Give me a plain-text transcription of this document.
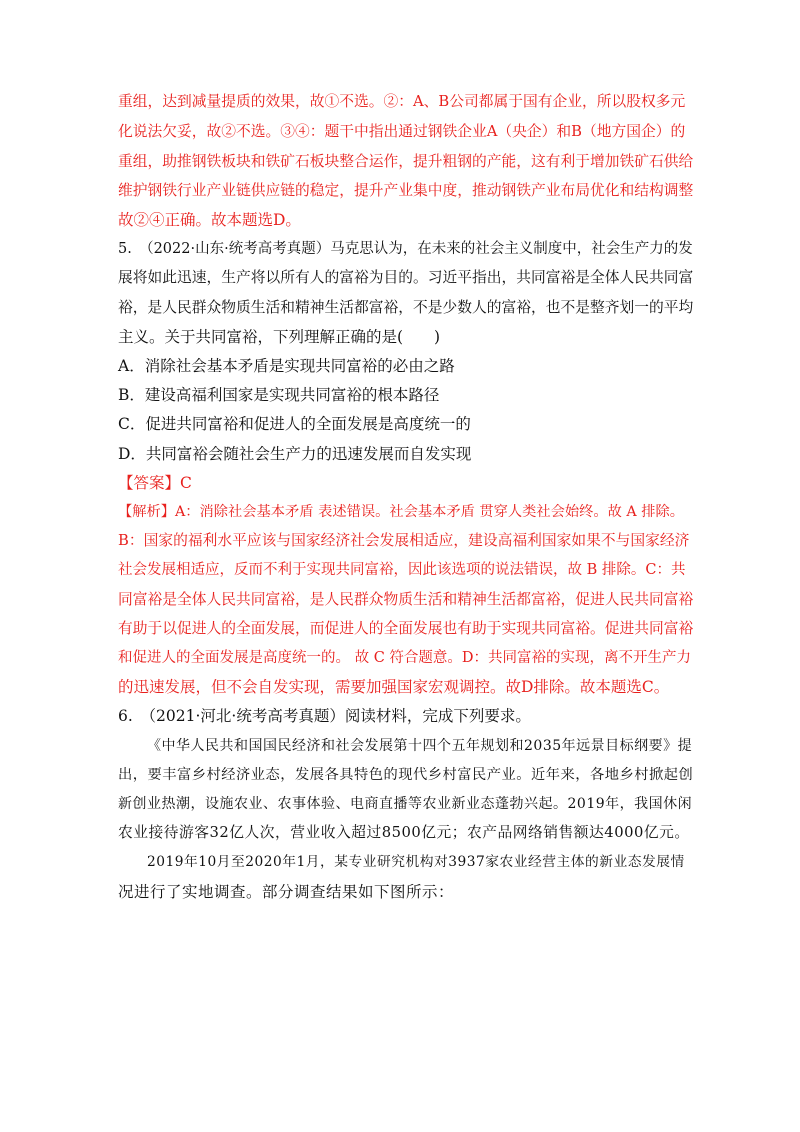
重组，达到减量提质的效果，故①不选。②：A、B公司都属于国有企业，所以股权多元
化说法欠妥，故②不选。③④：题干中指出通过钢铁企业A（央企）和B（地方国企）的
重组，助推钢铁板块和铁矿石板块整合运作，提升粗钢的产能，这有利于增加铁矿石供给
维护钢铁行业产业链供应链的稳定，提升产业集中度，推动钢铁产业布局优化和结构调整
故②④正确。故本题选D。
5.　（2022·山东·统考高考真题）马克思认为，在未来的社会主义制度中，社会生产力的发
展将如此迅速，生产将以所有人的富裕为目的。习近平指出，共同富裕是全体人民共同富
裕，是人民群众物质生活和精神生活都富裕，不是少数人的富裕，也不是整齐划一的平均
主义。关于共同富裕，下列理解正确的是(　　)
A．消除社会基本矛盾是实现共同富裕的必由之路
B．建设高福利国家是实现共同富裕的根本路径
C．促进共同富裕和促进人的全面发展是高度统一的
D．共同富裕会随社会生产力的迅速发展而自发实现
【答案】C
【解析】A：消除社会基本矛盾 表述错误。社会基本矛盾 贯穿人类社会始终。故 A 排除。
B：国家的福利水平应该与国家经济社会发展相适应，建设高福利国家如果不与国家经济
社会发展相适应，反而不利于实现共同富裕，因此该选项的说法错误，故 B 排除。C：共
同富裕是全体人民共同富裕，是人民群众物质生活和精神生活都富裕，促进人民共同富裕
有助于以促进人的全面发展，而促进人的全面发展也有助于实现共同富裕。促进共同富裕
和促进人的全面发展是高度统一的。 故 C 符合题意。D：共同富裕的实现，离不开生产力
的迅速发展，但不会自发实现，需要加强国家宏观调控。故D排除。故本题选C。
6.　（2021·河北·统考高考真题）阅读材料，完成下列要求。
《中华人民共和国国民经济和社会发展第十四个五年规划和2035年远景目标纲要》提
出，要丰富乡村经济业态，发展各具特色的现代乡村富民产业。近年来，各地乡村掀起创
新创业热潮，设施农业、农事体验、电商直播等农业新业态蓬勃兴起。2019年，我国休闲
农业接待游客32亿人次，营业收入超过8500亿元；农产品网络销售额达4000亿元。
2019年10月至2020年1月，某专业研究机构对3937家农业经营主体的新业态发展情
况进行了实地调查。部分调查结果如下图所示：
